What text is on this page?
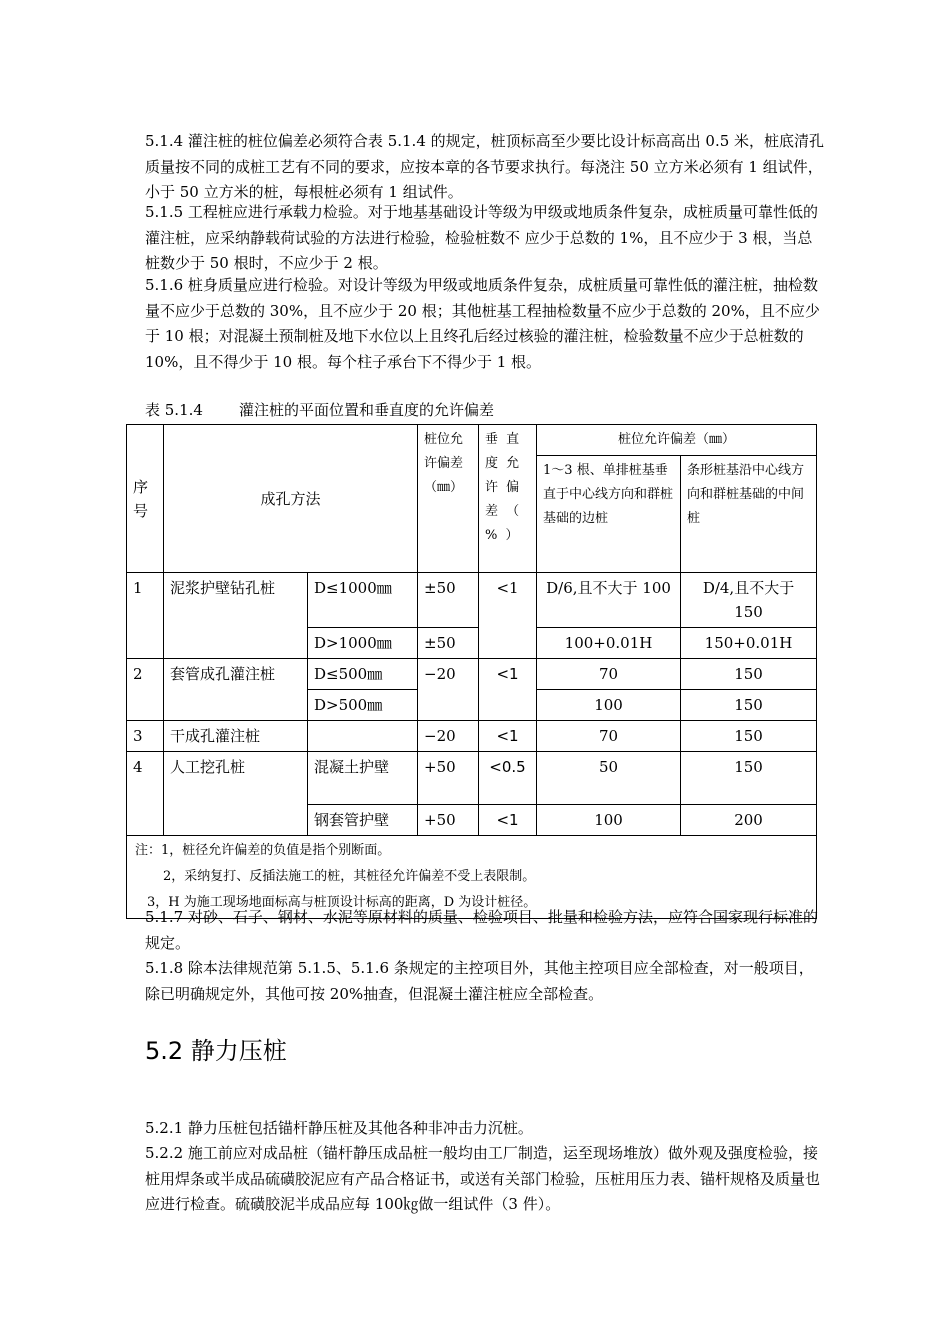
5.1.4 灌注桩的桩位偏差必须符合表 5.1.4 的规定，桩顶标高至少要比设计标高高出 0.5 米，桩底清孔质量按不同的成桩工艺有不同的要求，应按本章的各节要求执行。每浇注 50 立方米必须有 1 组试件，小于 50 立方米的桩，每根桩必须有 1 组试件。

5.1.5 工程桩应进行承载力检验。对于地基基础设计等级为甲级或地质条件复杂，成桩质量可靠性低的灌注桩，应采纳静载荷试验的方法进行检验，检验桩数不 应少于总数的 1%，且不应少于 3 根，当总桩数少于 50 根时，不应少于 2 根。

5.1.6 桩身质量应进行检验。对设计等级为甲级或地质条件复杂，成桩质量可靠性低的灌注桩，抽检数量不应少于总数的 30%，且不应少于 20 根；其他桩基工程抽检数量不应少于总数的 20%，且不应少于 10 根；对混凝土预制桩及地下水位以上且终孔后经过核验的灌注桩，检验数量不应少于总桩数的 10%，且不得少于 10 根。每个柱子承台下不得少于 1 根。

表 5.1.4 灌注桩的平面位置和垂直度的允许偏差
序号	成孔方法		桩位允许偏差（㎜）	垂 直 度 允 许 偏 差 （ % ）	桩位允许偏差（㎜）	
					1～3 根、单排桩基垂直于中心线方向和群桩基础的边桩	条形桩基沿中心线方向和群桩基础的中间桩
1	泥浆护壁钻孔桩	D≤1000㎜	±50	<1	D/6,且不大于 100	D/4,且不大于 150
		D>1000㎜	±50		100+0.01H	150+0.01H
2	套管成孔灌注桩	D≤500㎜	−20	<1	70	150
		D>500㎜			100	150
3	干成孔灌注桩		−20	<1	70	150
4	人工挖孔桩	混凝土护壁	+50	<0.5	50	150
		钢套管护壁	+50	<1	100	200

注：1，桩径允许偏差的负值是指个别断面。
2，采纳复打、反插法施工的桩，其桩径允许偏差不受上表限制。
3，H 为施工现场地面标高与桩顶设计标高的距离，D 为设计桩径。						

5.1.7 对砂、石子、钢材、水泥等原材料的质量、检验项目、批量和检验方法，应符合国家现行标准的规定。

5.1.8 除本法律规范第 5.1.5、5.1.6 条规定的主控项目外，其他主控项目应全部检查，对一般项目，除已明确规定外，其他可按 20%抽查，但混凝土灌注桩应全部检查。

5.2 静力压桩

5.2.1 静力压桩包括锚杆静压桩及其他各种非冲击力沉桩。

5.2.2 施工前应对成品桩（锚杆静压成品桩一般均由工厂制造，运至现场堆放）做外观及强度检验，接桩用焊条或半成品硫磺胶泥应有产品合格证书，或送有关部门检验，压桩用压力表、锚杆规格及质量也应进行检查。硫磺胶泥半成品应每 100㎏做一组试件（3 件）。
